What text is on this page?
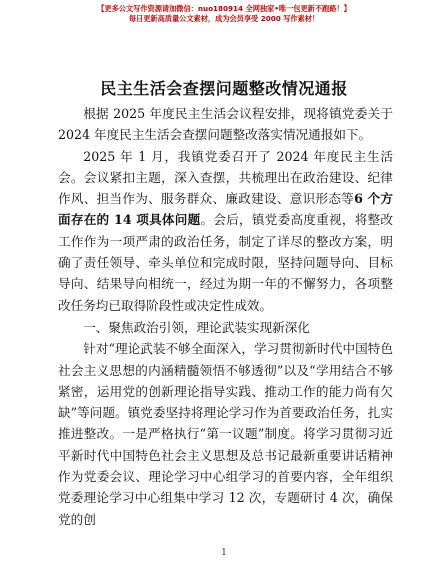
【更多公文写作资源请加微信：nuo180914 全网独家•唯一包更新不跑路！】
每日更新高质量公文素材，成为会员享受 2000 写作素材！
民主生活会查摆问题整改情况通报

根据 2025 年度民主生活会议程安排，现将镇党委关于 2024 年度民主生活会查摆问题整改落实情况通报如下。

2025 年 1 月，我镇党委召开了 2024 年度民主生活会。会议紧扣主题，深入查摆，共梳理出在政治建设、纪律作风、担当作为、服务群众、廉政建设、意识形态等6 个方面存在的 14 项具体问题。会后，镇党委高度重视，将整改工作作为一项严肃的政治任务，制定了详尽的整改方案，明确了责任领导、牵头单位和完成时限，坚持问题导向、目标导向、结果导向相统一，经过为期一年的不懈努力，各项整改任务均已取得阶段性或决定性成效。

一、聚焦政治引领，理论武装实现新深化

针对“理论武装不够全面深入，学习贯彻新时代中国特色社会主义思想的内涵精髓领悟不够透彻”以及“学用结合不够紧密，运用党的创新理论指导实践、推动工作的能力尚有欠缺”等问题。镇党委坚持将理论学习作为首要政治任务，扎实推进整改。一是严格执行“第一议题”制度。将学习贯彻习近平新时代中国特色社会主义思想及总书记最新重要讲话精神作为党委会议、理论学习中心组学习的首要内容，全年组织党委理论学习中心组集中学习 12 次，专题研讨 4 次，确保党的创

1
